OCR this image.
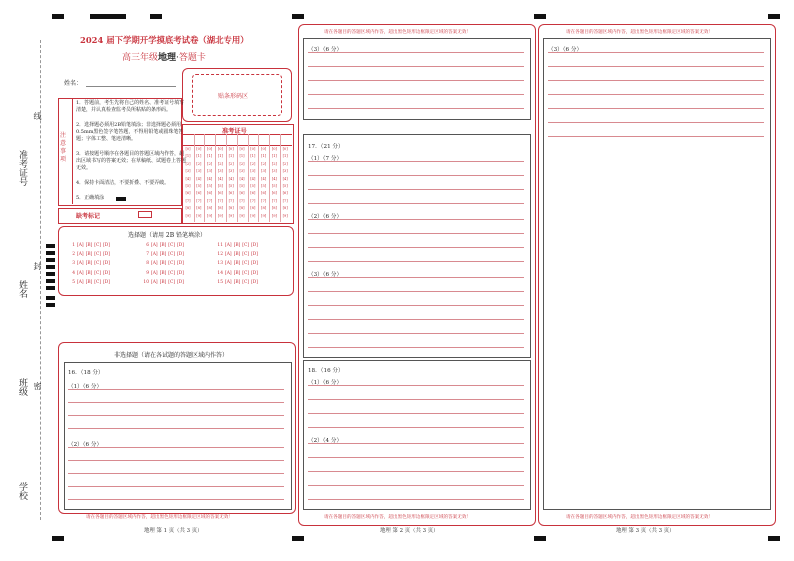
准考证号
姓名
班级
学校
线
封
密
2024 届下学期开学摸底考试卷（湖北专用）
高三年级地理·答题卡
姓名：
贴条形码区
注意事项
1．答题前，考生先将自己的姓名、准考证号填写清楚，并认真检查监考员所粘贴的条形码。
2．选择题必须用2B铅笔填涂；非选择题必须用0.5mm黑色签字笔答题，不得用铅笔或圆珠笔答题；字体工整、笔迹清晰。
3．请按题号顺序在各题目的答题区域内作答，超出区域书写的答案无效；在草稿纸、试题卷上答题无效。
4．保持卡面清洁，不要折叠、不要弄破。
5．正确填涂
准考证号
[0]
[1]
[2]
[3]
[4]
[5]
[6]
[7]
[8]
[9]
[0]
[1]
[2]
[3]
[4]
[5]
[6]
[7]
[8]
[9]
[0]
[1]
[2]
[3]
[4]
[5]
[6]
[7]
[8]
[9]
[0]
[1]
[2]
[3]
[4]
[5]
[6]
[7]
[8]
[9]
[0]
[1]
[2]
[3]
[4]
[5]
[6]
[7]
[8]
[9]
[0]
[1]
[2]
[3]
[4]
[5]
[6]
[7]
[8]
[9]
[0]
[1]
[2]
[3]
[4]
[5]
[6]
[7]
[8]
[9]
[0]
[1]
[2]
[3]
[4]
[5]
[6]
[7]
[8]
[9]
[0]
[1]
[2]
[3]
[4]
[5]
[6]
[7]
[8]
[9]
[0]
[1]
[2]
[3]
[4]
[5]
[6]
[7]
[8]
[9]
缺考标记
选择题（请用 2B 铅笔填涂）
1 [A] [B] [C] [D]
2 [A] [B] [C] [D]
3 [A] [B] [C] [D]
4 [A] [B] [C] [D]
5 [A] [B] [C] [D]
6 [A] [B] [C] [D]
7 [A] [B] [C] [D]
8 [A] [B] [C] [D]
9 [A] [B] [C] [D]
10 [A] [B] [C] [D]
11 [A] [B] [C] [D]
12 [A] [B] [C] [D]
13 [A] [B] [C] [D]
14 [A] [B] [C] [D]
15 [A] [B] [C] [D]
非选择题（请在各试题的答题区域内作答）
16．（18 分）
（1）（6 分）
（2）（6 分）
请在各题目的答题区域内作答，超出黑色矩形边框限定区域的答案无效！
地理 第 1 页（共 3 页）
请在各题目的答题区域内作答，超出黑色矩形边框限定区域的答案无效！
（3）（6 分）
17．（21 分）
（1）（7 分）
（2）（6 分）
（3）（6 分）
18．（16 分）
（1）（6 分）
（2）（4 分）
请在各题目的答题区域内作答，超出黑色矩形边框限定区域的答案无效！
地理 第 2 页（共 3 页）
请在各题目的答题区域内作答，超出黑色矩形边框限定区域的答案无效！
（3）（6 分）
请在各题目的答题区域内作答，超出黑色矩形边框限定区域的答案无效！
地理 第 3 页（共 3 页）
